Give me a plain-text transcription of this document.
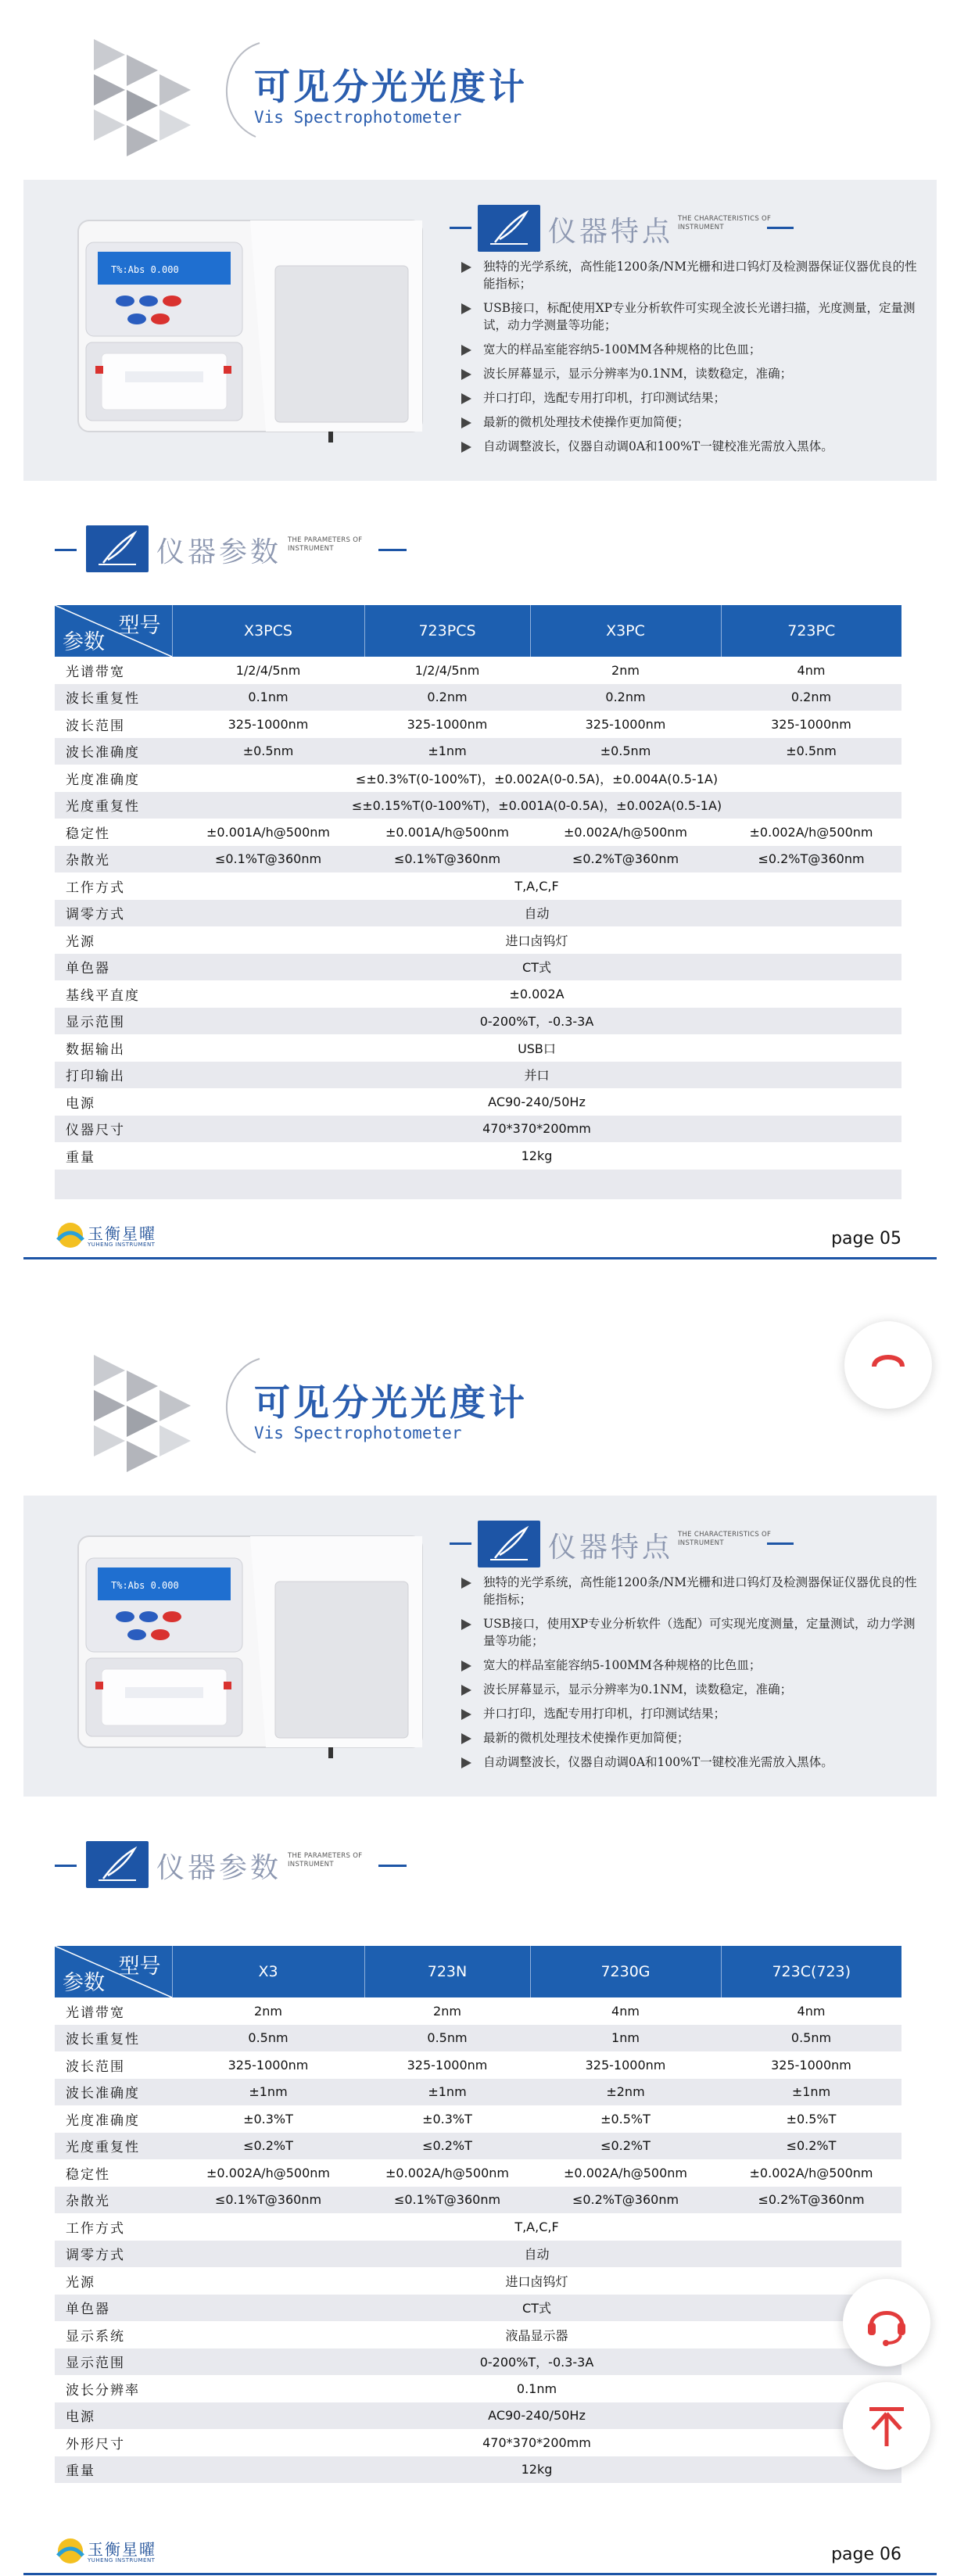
可见分光光度计
Vis Spectrophotometer
T%:Abs 0.000
仪器特点 THE CHARACTERISTICS OF
INSTRUMENT
独特的光学系统，高性能1200条/NM光栅和进口钨灯及检测器保证仪器优良的性能指标；
USB接口，标配使用XP专业分析软件可实现全波长光谱扫描，光度测量，定量测试，动力学测量等功能；
宽大的样品室能容纳5-100MM各种规格的比色皿；
波长屏幕显示，显示分辨率为0.1NM，读数稳定，准确；
并口打印，选配专用打印机，打印测试结果；
最新的微机处理技术使操作更加简便；
自动调整波长，仪器自动调0A和100%T一键校准光需放入黑体。
仪器参数 THE PARAMETERS OF
INSTRUMENT
型号
参数	X3PCS	723PCS	X3PC	723PC
光谱带宽	1/2/4/5nm	1/2/4/5nm	2nm	4nm
波长重复性	0.1nm	0.2nm	0.2nm	0.2nm
波长范围	325-1000nm	325-1000nm	325-1000nm	325-1000nm
波长准确度	±0.5nm	±1nm	±0.5nm	±0.5nm
光度准确度	≤±0.3%T(0-100%T)，±0.002A(0-0.5A)，±0.004A(0.5-1A)			
光度重复性	≤±0.15%T(0-100%T)，±0.001A(0-0.5A)，±0.002A(0.5-1A)			
稳定性	±0.001A/h@500nm	±0.001A/h@500nm	±0.002A/h@500nm	±0.002A/h@500nm
杂散光	≤0.1%T@360nm	≤0.1%T@360nm	≤0.2%T@360nm	≤0.2%T@360nm
工作方式	T,A,C,F			
调零方式	自动			
光源	进口卤钨灯			
单色器	CT式			
基线平直度	±0.002A			
显示范围	0-200%T，-0.3-3A			
数据输出	USB口			
打印输出	并口			
电源	AC90-240/50Hz			
仪器尺寸	470*370*200mm			
重量	12kg			

玉衡星曜
YUHENG INSTRUMENT	page 05
可见分光光度计
Vis Spectrophotometer
T%:Abs 0.000
仪器特点 THE CHARACTERISTICS OF
INSTRUMENT
独特的光学系统，高性能1200条/NM光栅和进口钨灯及检测器保证仪器优良的性能指标；
USB接口，使用XP专业分析软件（选配）可实现光度测量，定量测试，动力学测量等功能；
宽大的样品室能容纳5-100MM各种规格的比色皿；
波长屏幕显示，显示分辨率为0.1NM，读数稳定，准确；
并口打印，选配专用打印机，打印测试结果；
最新的微机处理技术使操作更加简便；
自动调整波长，仪器自动调0A和100%T一键校准光需放入黑体。
仪器参数 THE PARAMETERS OF
INSTRUMENT
型号
参数	X3	723N	7230G	723C(723)
光谱带宽	2nm	2nm	4nm	4nm
波长重复性	0.5nm	0.5nm	1nm	0.5nm
波长范围	325-1000nm	325-1000nm	325-1000nm	325-1000nm
波长准确度	±1nm	±1nm	±2nm	±1nm
光度准确度	±0.3%T	±0.3%T	±0.5%T	±0.5%T
光度重复性	≤0.2%T	≤0.2%T	≤0.2%T	≤0.2%T
稳定性	±0.002A/h@500nm	±0.002A/h@500nm	±0.002A/h@500nm	±0.002A/h@500nm
杂散光	≤0.1%T@360nm	≤0.1%T@360nm	≤0.2%T@360nm	≤0.2%T@360nm
工作方式	T,A,C,F			
调零方式	自动			
光源	进口卤钨灯			
单色器	CT式			
显示系统	液晶显示器			
显示范围	0-200%T，-0.3-3A			
波长分辨率	0.1nm			
电源	AC90-240/50Hz			
外形尺寸	470*370*200mm			
重量	12kg			
玉衡星曜
YUHENG INSTRUMENT	page 06
